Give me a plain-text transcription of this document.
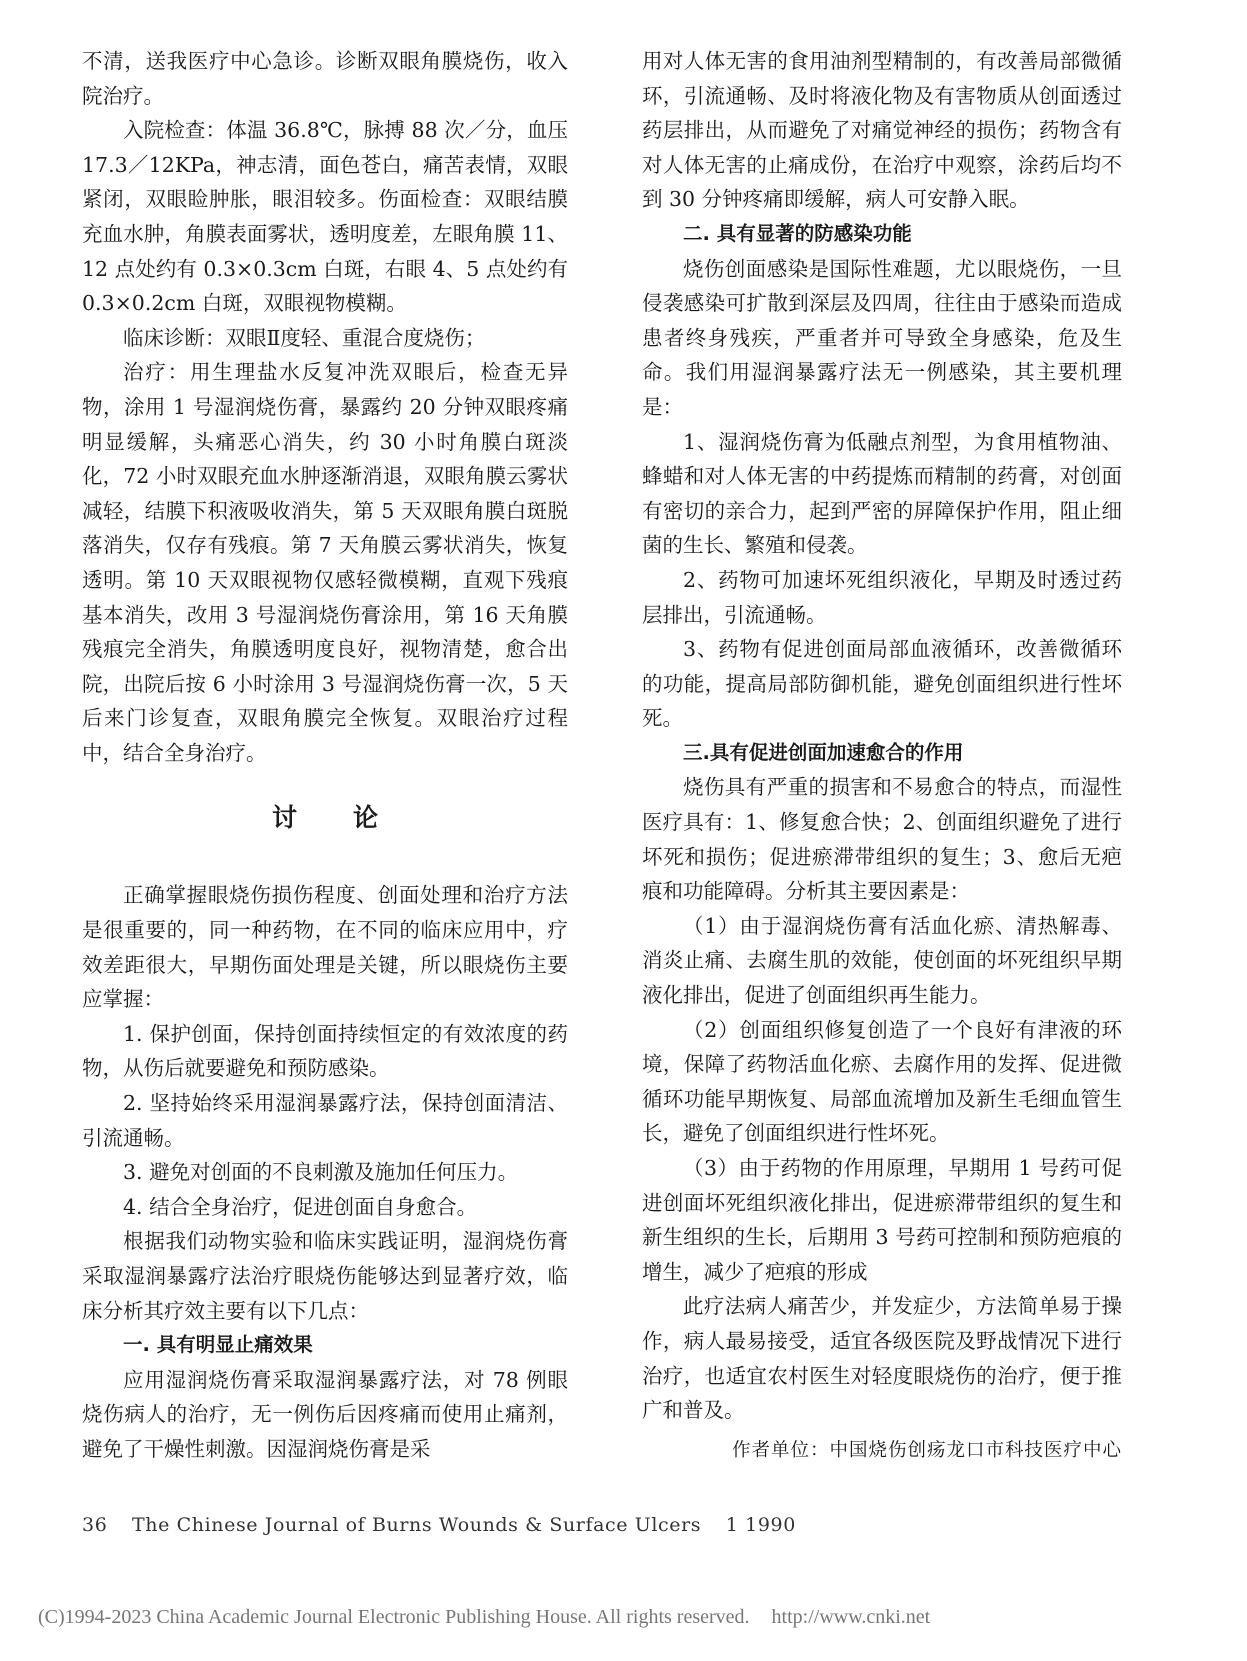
不清，送我医疗中心急诊。诊断双眼角膜烧伤，收入院治疗。

入院检查：体温 36.8℃，脉搏 88 次／分，血压 17.3／12KPa，神志清，面色苍白，痛苦表情，双眼紧闭，双眼睑肿胀，眼泪较多。伤面检查：双眼结膜充血水肿，角膜表面雾状，透明度差，左眼角膜 11、12 点处约有 0.3×0.3cm 白斑，右眼 4、5 点处约有 0.3×0.2cm 白斑，双眼视物模糊。

临床诊断：双眼Ⅱ度轻、重混合度烧伤；

治疗：用生理盐水反复冲洗双眼后，检查无异物，涂用 1 号湿润烧伤膏，暴露约 20 分钟双眼疼痛明显缓解，头痛恶心消失，约 30 小时角膜白斑淡化，72 小时双眼充血水肿逐渐消退，双眼角膜云雾状减轻，结膜下积液吸收消失，第 5 天双眼角膜白斑脱落消失，仅存有残痕。第 7 天角膜云雾状消失，恢复透明。第 10 天双眼视物仅感轻微模糊，直观下残痕基本消失，改用 3 号湿润烧伤膏涂用，第 16 天角膜残痕完全消失，角膜透明度良好，视物清楚，愈合出院，出院后按 6 小时涂用 3 号湿润烧伤膏一次，5 天后来门诊复查，双眼角膜完全恢复。双眼治疗过程中，结合全身治疗。

讨论

正确掌握眼烧伤损伤程度、创面处理和治疗方法是很重要的，同一种药物，在不同的临床应用中，疗效差距很大，早期伤面处理是关键，所以眼烧伤主要应掌握：

1. 保护创面，保持创面持续恒定的有效浓度的药物，从伤后就要避免和预防感染。

2. 坚持始终采用湿润暴露疗法，保持创面清洁、引流通畅。

3. 避免对创面的不良刺激及施加任何压力。

4. 结合全身治疗，促进创面自身愈合。

根据我们动物实验和临床实践证明，湿润烧伤膏采取湿润暴露疗法治疗眼烧伤能够达到显著疗效，临床分析其疗效主要有以下几点：

一. 具有明显止痛效果

应用湿润烧伤膏采取湿润暴露疗法，对 78 例眼烧伤病人的治疗，无一例伤后因疼痛而使用止痛剂，避免了干燥性刺激。因湿润烧伤膏是采

用对人体无害的食用油剂型精制的，有改善局部微循环，引流通畅、及时将液化物及有害物质从创面透过药层排出，从而避免了对痛觉神经的损伤；药物含有对人体无害的止痛成份，在治疗中观察，涂药后均不到 30 分钟疼痛即缓解，病人可安静入眠。

二. 具有显著的防感染功能

烧伤创面感染是国际性难题，尤以眼烧伤，一旦侵袭感染可扩散到深层及四周，往往由于感染而造成患者终身残疾，严重者并可导致全身感染，危及生命。我们用湿润暴露疗法无一例感染，其主要机理是：

1、湿润烧伤膏为低融点剂型，为食用植物油、蜂蜡和对人体无害的中药提炼而精制的药膏，对创面有密切的亲合力，起到严密的屏障保护作用，阻止细菌的生长、繁殖和侵袭。

2、药物可加速坏死组织液化，早期及时透过药层排出，引流通畅。

3、药物有促进创面局部血液循环，改善微循环的功能，提高局部防御机能，避免创面组织进行性坏死。

三.具有促进创面加速愈合的作用

烧伤具有严重的损害和不易愈合的特点，而湿性医疗具有：1、修复愈合快；2、创面组织避免了进行坏死和损伤；促进瘀滞带组织的复生；3、愈后无疤痕和功能障碍。分析其主要因素是：

（1）由于湿润烧伤膏有活血化瘀、清热解毒、消炎止痛、去腐生肌的效能，使创面的坏死组织早期液化排出，促进了创面组织再生能力。

（2）创面组织修复创造了一个良好有津液的环境，保障了药物活血化瘀、去腐作用的发挥、促进微循环功能早期恢复、局部血流增加及新生毛细血管生长，避免了创面组织进行性坏死。

（3）由于药物的作用原理，早期用 1 号药可促进创面坏死组织液化排出，促进瘀滞带组织的复生和新生组织的生长，后期用 3 号药可控制和预防疤痕的增生，减少了疤痕的形成

此疗法病人痛苦少，并发症少，方法简单易于操作，病人最易接受，适宜各级医院及野战情况下进行治疗，也适宜农村医生对轻度眼烧伤的治疗，便于推广和普及。

作者单位：中国烧伤创疡龙口市科技医疗中心

36 The Chinese Journal of Burns Wounds & Surface Ulcers 1 1990
(C)1994-2023 China Academic Journal Electronic Publishing House. All rights reserved. http://www.cnki.net
